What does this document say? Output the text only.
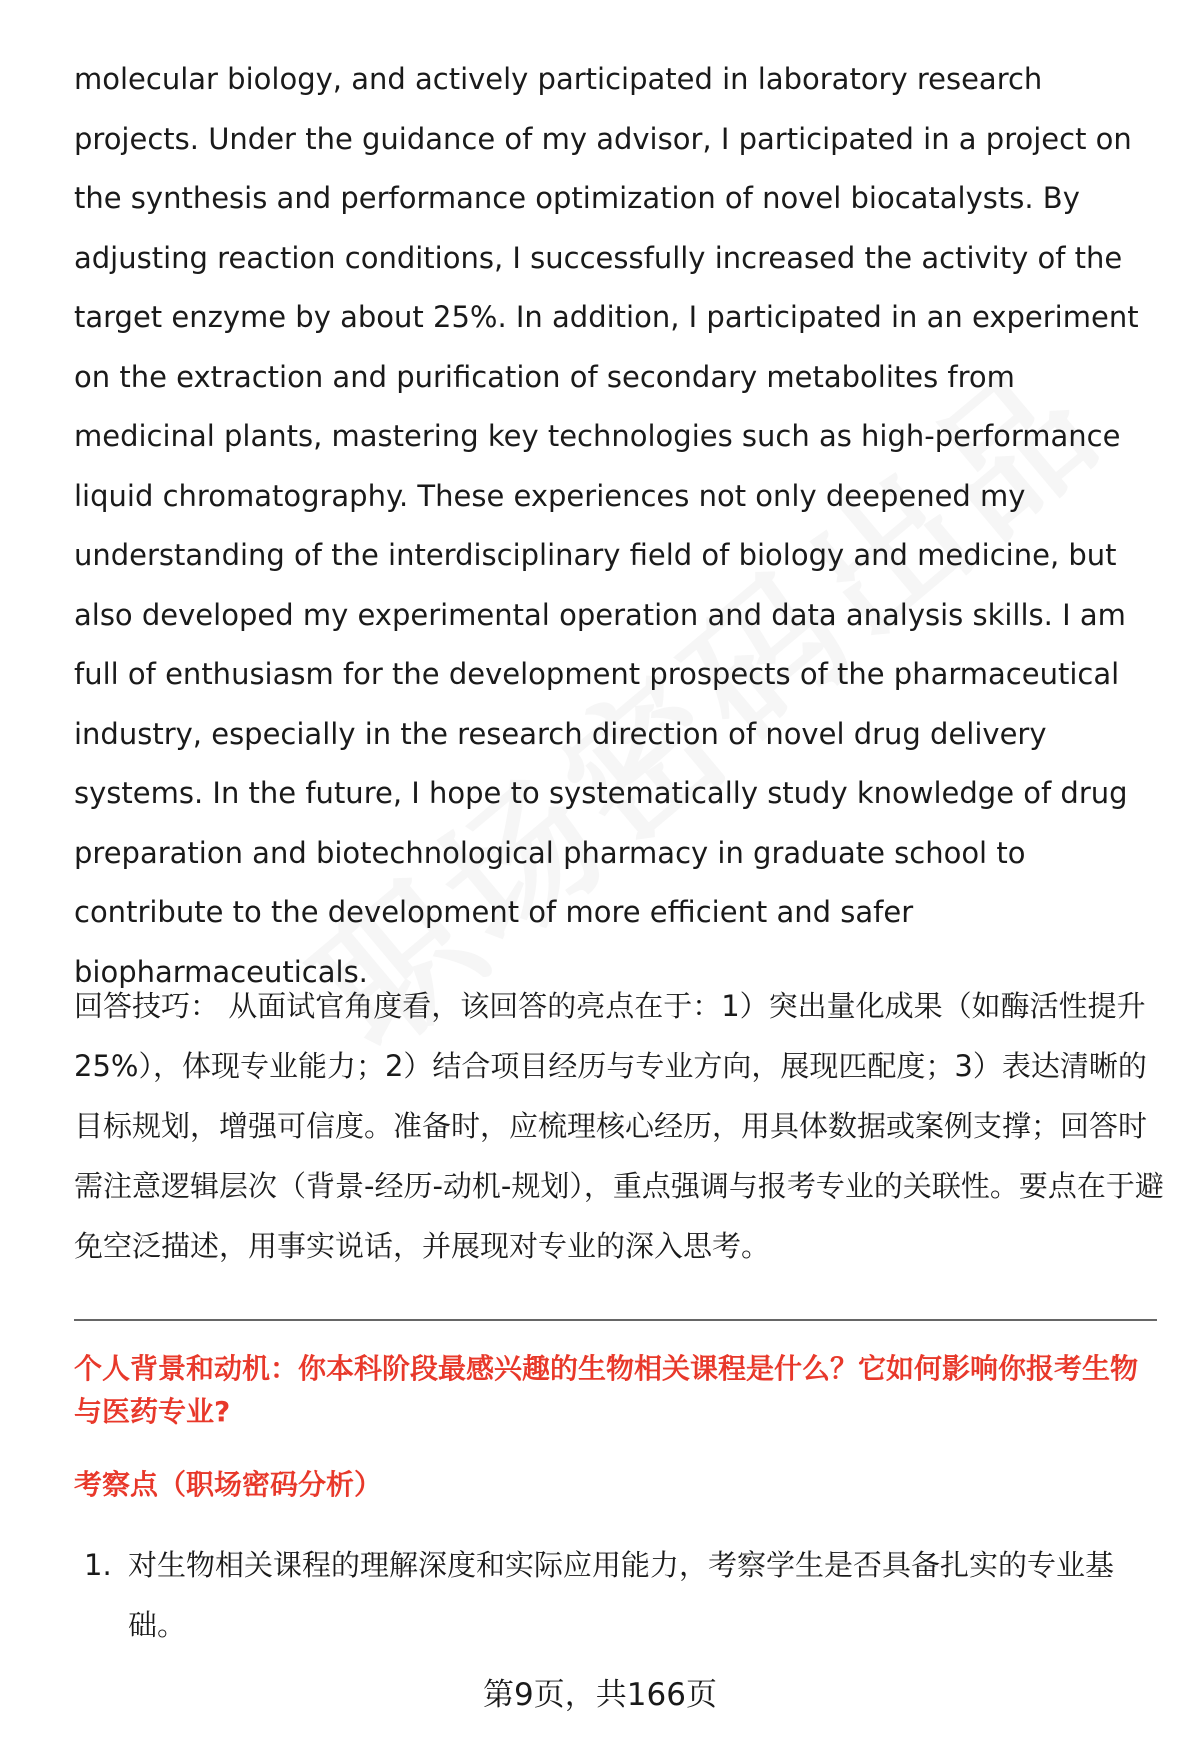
molecular biology, and actively participated in laboratory research projects. Under the guidance of my advisor, I participated in a project on the synthesis and performance optimization of novel biocatalysts. By adjusting reaction conditions, I successfully increased the activity of the target enzyme by about 25%. In addition, I participated in an experiment on the extraction and purification of secondary metabolites from medicinal plants, mastering key technologies such as high-performance liquid chromatography. These experiences not only deepened my understanding of the interdisciplinary field of biology and medicine, but also developed my experimental operation and data analysis skills. I am full of enthusiasm for the development prospects of the pharmaceutical industry, especially in the research direction of novel drug delivery systems. In the future, I hope to systematically study knowledge of drug preparation and biotechnological pharmacy in graduate school to contribute to the development of more efficient and safer biopharmaceuticals.

回答技巧： 从面试官角度看，该回答的亮点在于：1）突出量化成果（如酶活性提升25%），体现专业能力；2）结合项目经历与专业方向，展现匹配度；3）表达清晰的目标规划，增强可信度。准备时，应梳理核心经历，用具体数据或案例支撑；回答时需注意逻辑层次（背景-经历-动机-规划），重点强调与报考专业的关联性。要点在于避免空泛描述，用事实说话，并展现对专业的深入思考。

个人背景和动机：你本科阶段最感兴趣的生物相关课程是什么？它如何影响你报考生物与医药专业?

考察点（职场密码分析）

1. 对生物相关课程的理解深度和实际应用能力，考察学生是否具备扎实的专业基础。
第9页，共166页
